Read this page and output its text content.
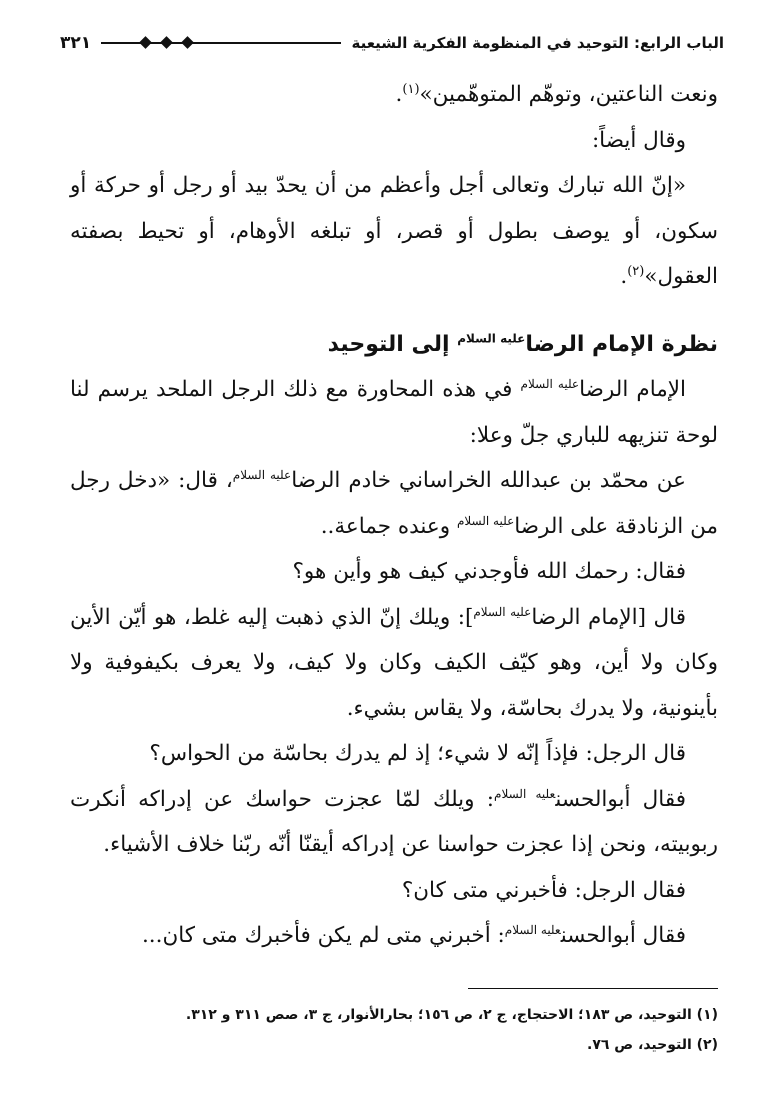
٣٢١	الباب الرابع: التوحيد في المنظومة الفكرية الشيعية

ونعت الناعتين، وتوهّم المتوهّمين»$^{(١)}$.

وقال أيضاً:

«إنّ الله تبارك وتعالى أجل وأعظم من أن يحدّ بيد أو رجل أو حركة أو سكون، أو يوصف بطول أو قصر، أو تبلغه الأوهام، أو تحيط بصفته العقول»$^{(٢)}$.

نظرة الإمام الرضا$^{عليه السلام}$ إلى التوحيد

الإمام الرضا$^{عليه السلام}$ في هذه المحاورة مع ذلك الرجل الملحد يرسم لنا لوحة تنزيهه للباري جلّ وعلا:

عن محمّد بن عبدالله الخراساني خادم الرضا$^{عليه السلام}$، قال: «دخل رجل من الزنادقة على الرضا$^{عليه السلام}$ وعنده جماعة..

فقال: رحمك الله فأوجدني كيف هو وأين هو؟

قال [الإمام الرضا$^{عليه السلام}$]: ويلك إنّ الذي ذهبت إليه غلط، هو أيّن الأين وكان ولا أين، وهو كيّف الكيف وكان ولا كيف، ولا يعرف بكيفوفية ولا بأينونية، ولا يدرك بحاسّة، ولا يقاس بشيء.

قال الرجل: فإذاً إنّه لا شيء؛ إذ لم يدرك بحاسّة من الحواس؟

فقال أبوالحسن$^{عليه السلام}$: ويلك لمّا عجزت حواسك عن إدراكه أنكرت ربوبيته، ونحن إذا عجزت حواسنا عن إدراكه أيقنّا أنّه ربّنا خلاف الأشياء.

فقال الرجل: فأخبرني متى كان؟

فقال أبوالحسن$^{عليه السلام}$: أخبرني متى لم يكن فأخبرك متى كان...

(١) التوحيد، ص ١٨٣؛ الاحتجاج، ج ٢، ص ١٥٦؛ بحارالأنوار، ج ٣، صص ٣١١ و ٣١٢.

(٢) التوحيد، ص ٧٦.
